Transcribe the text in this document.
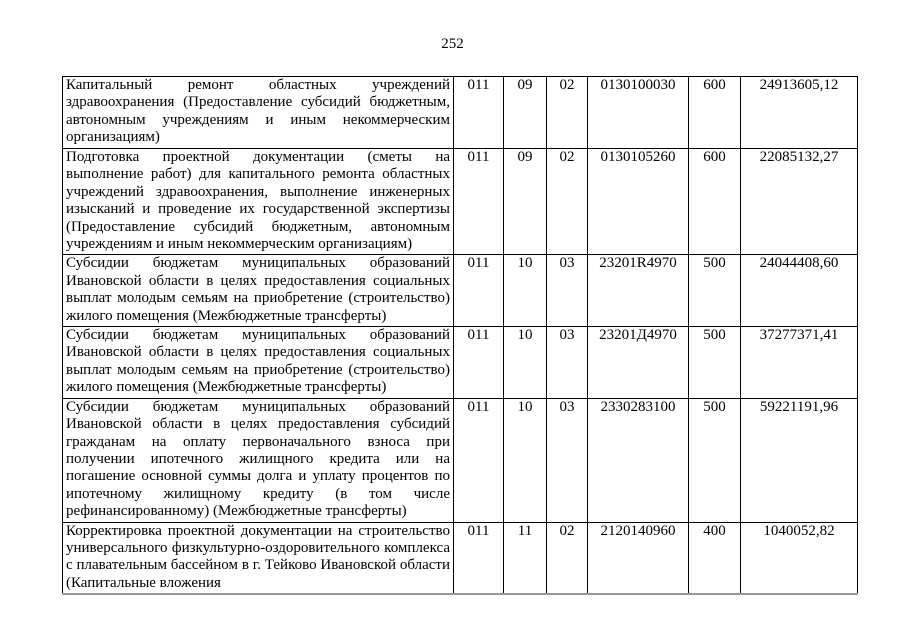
252
Капитальный ремонт областных учреждений здравоохранения (Предоставление субсидий бюджетным, автономным учреждениям и иным некоммерческим организациям)	011	09	02	0130100030	600	24913605,12
Подготовка проектной документации (сметы на выполнение работ) для капитального ремонта областных учреждений здравоохранения, выполнение инженерных изысканий и проведение их государственной экспертизы (Предоставление субсидий бюджетным, автономным учреждениям и иным некоммерческим организациям)	011	09	02	0130105260	600	22085132,27
Субсидии бюджетам муниципальных образований Ивановской области в целях предоставления социальных выплат молодым семьям на приобретение (строительство) жилого помещения (Межбюджетные трансферты)	011	10	03	23201R4970	500	24044408,60
Субсидии бюджетам муниципальных образований Ивановской области в целях предоставления социальных выплат молодым семьям на приобретение (строительство) жилого помещения (Межбюджетные трансферты)	011	10	03	23201Д4970	500	37277371,41
Субсидии бюджетам муниципальных образований Ивановской области в целях предоставления субсидий гражданам на оплату первоначального взноса при получении ипотечного жилищного кредита или на погашение основной суммы долга и уплату процентов по ипотечному жилищному кредиту (в том числе рефинансированному) (Межбюджетные трансферты)	011	10	03	2330283100	500	59221191,96
Корректировка проектной документации на строительство универсального физкультурно-оздоровительного комплекса с плавательным бассейном в г. Тейково Ивановской области (Капитальные вложения	011	11	02	2120140960	400	1040052,82
